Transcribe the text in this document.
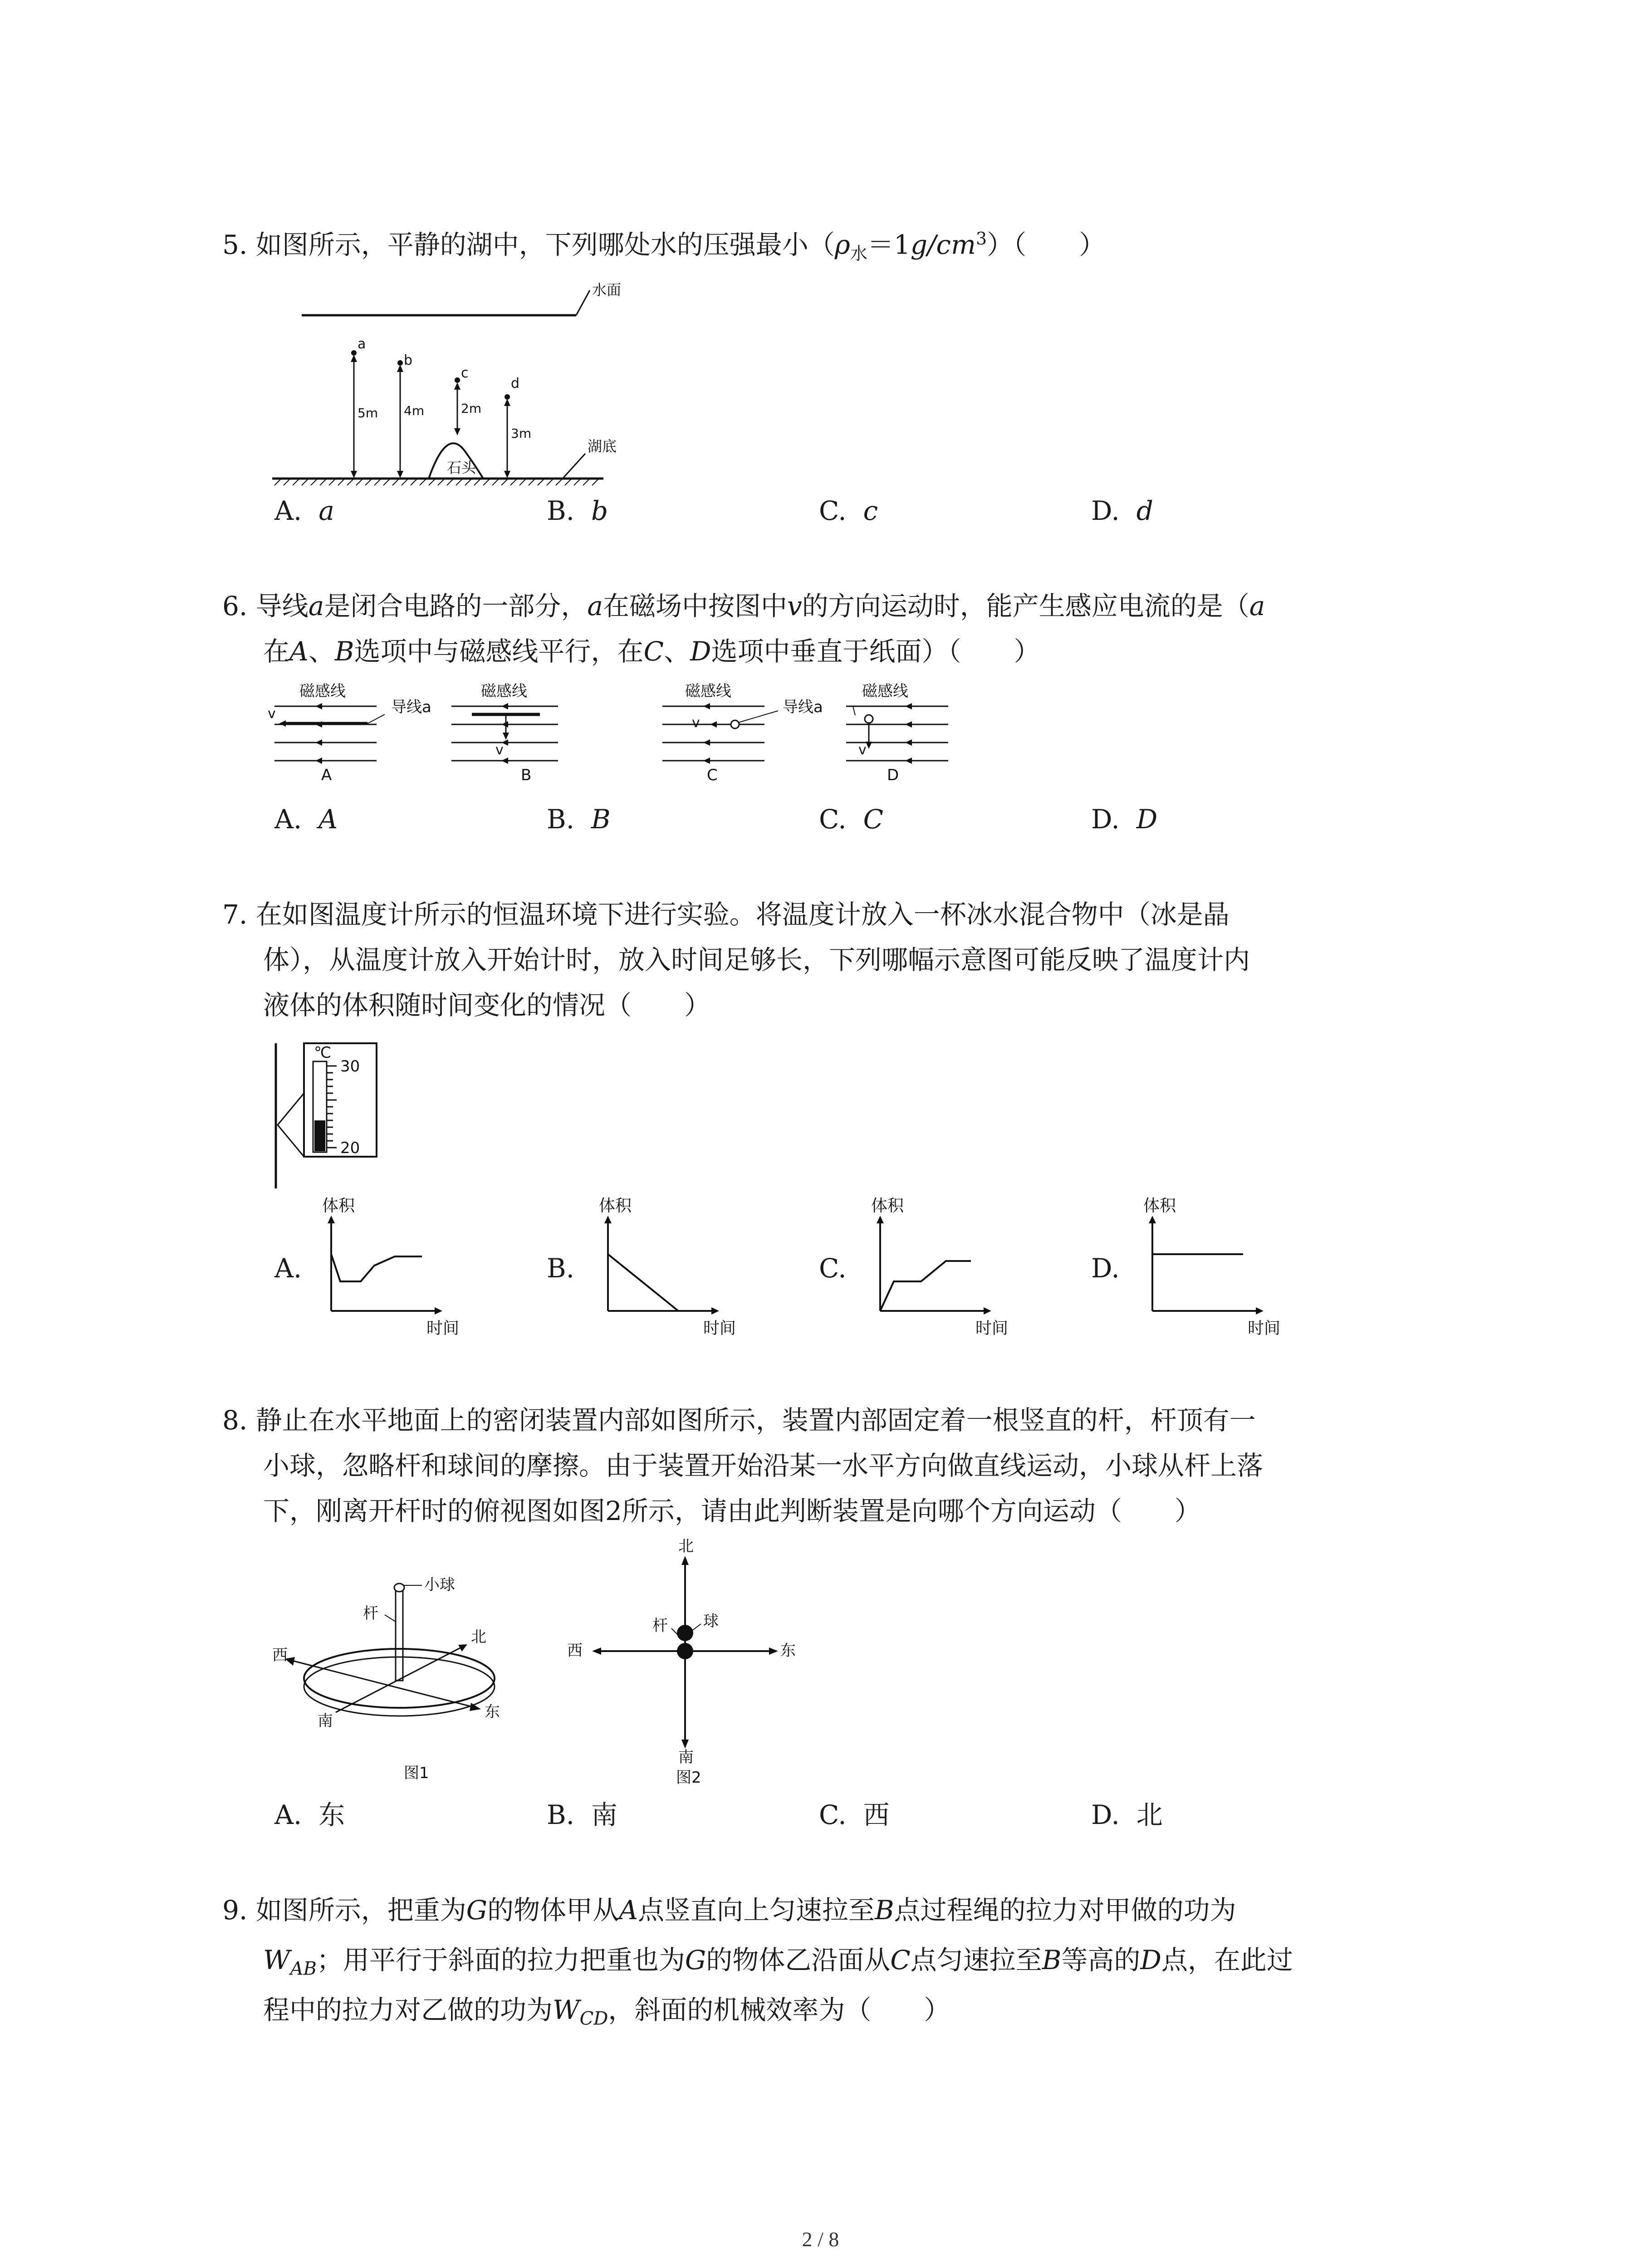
5. 如图所示，平静的湖中，下列哪处水的压强最小$(\rho_水=1g/cm^3)$（　　）
水面
湖底
石头
a
5m
b
4m
c
2m
d
3m
A. a	B. b	C. c	D. d
6. 导线a是闭合电路的一部分，a在磁场中按图中v的方向运动时，能产生感应电流的是（a
在A、B选项中与磁感线平行，在C、D选项中垂直于纸面）（　　）
磁感线
导线a
v
A
磁感线
v
B
磁感线
导线a
v
C
磁感线
v
D
A. A	B. B	C. C	D. D
7. 在如图温度计所示的恒温环境下进行实验。将温度计放入一杯冰水混合物中（冰是晶
体），从温度计放入开始计时，放入时间足够长，下列哪幅示意图可能反映了温度计内
液体的体积随时间变化的情况（　　）
℃
30
20
体积
时间
A.
体积
时间
B.
体积
时间
C.
体积
时间
D.
8. 静止在水平地面上的密闭装置内部如图所示，装置内部固定着一根竖直的杆，杆顶有一
小球，忽略杆和球间的摩擦。由于装置开始沿某一水平方向做直线运动，小球从杆上落
下，刚离开杆时的俯视图如图2所示，请由此判断装置是向哪个方向运动（　　）
小球
杆
西
北
东
南
图1
北
杆 球
西	东
南
图2
A. 东	B. 南	C. 西	D. 北
9. 如图所示，把重为G的物体甲从A点竖直向上匀速拉至B点过程绳的拉力对甲做的功为
$W_{AB}$；用平行于斜面的拉力把重也为G的物体乙沿面从C点匀速拉至B等高的D点，在此过
程中的拉力对乙做的功为$W_{CD}$，斜面的机械效率为（　　）
2 / 8
